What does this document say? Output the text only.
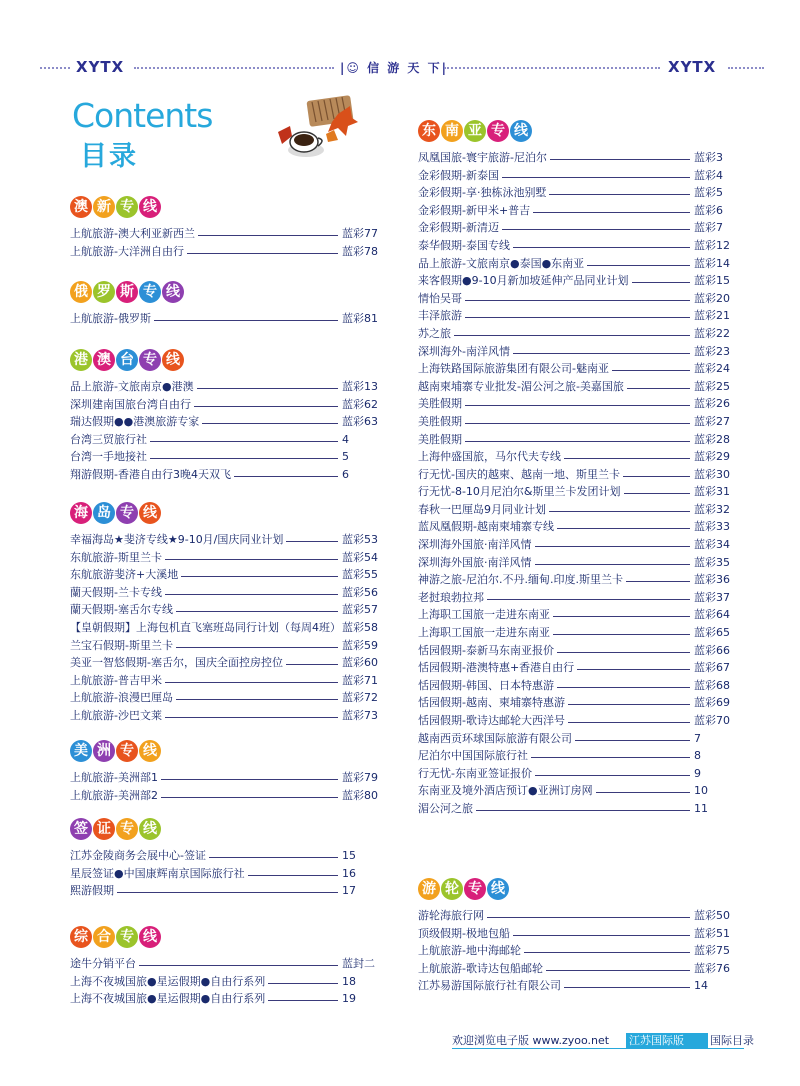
XYTX	|☺ 信 游 天 下|	XYTX
Contents
目录
澳 新 专 线
上航旅游-澳大利亚新西兰	蓝彩77
上航旅游-大洋洲自由行	蓝彩78
俄 罗 斯 专 线
上航旅游-俄罗斯	蓝彩81
港 澳 台 专 线
品上旅游-文旅南京●港澳	蓝彩13
深圳建南国旅台湾自由行	蓝彩62
瑞达假期●●港澳旅游专家	蓝彩63
台湾三贸旅行社	4
台湾一手地接社	5
翔游假期-香港自由行3晚4天双飞	6
海 岛 专 线
幸福海岛★斐济专线★9-10月/国庆同业计划	蓝彩53
东航旅游-斯里兰卡	蓝彩54
东航旅游斐济+大溪地	蓝彩55
蘭天假期-兰卡专线	蓝彩56
蘭天假期-塞舌尔专线	蓝彩57
【皇朝假期】上海包机直飞塞班岛同行计划（每周4班） 蓝彩58
兰宝石假期-斯里兰卡	蓝彩59
美亚一智悠假期-塞舌尔，国庆全面控房控位	蓝彩60
上航旅游-普吉甲米	蓝彩71
上航旅游-浪漫巴厘岛	蓝彩72
上航旅游-沙巴文莱	蓝彩73
美 洲 专 线
上航旅游-美洲部1	蓝彩79
上航旅游-美洲部2	蓝彩80
签 证 专 线
江苏金陵商务会展中心-签证	15
星辰签证●中国康辉南京国际旅行社	16
熙游假期	17
综 合 专 线
途牛分销平台	蓝封二
上海不夜城国旅●星运假期●自由行系列	18
上海不夜城国旅●星运假期●自由行系列	19
东 南 亚 专 线
凤凰国旅-寰宇旅游-尼泊尔	蓝彩3
金彩假期-新泰国	蓝彩4
金彩假期-享·独栋泳池别墅	蓝彩5
金彩假期-新甲米+普吉	蓝彩6
金彩假期-新清迈	蓝彩7
泰华假期-泰国专线	蓝彩12
品上旅游-文旅南京●泰国●东南亚	蓝彩14
来客假期●9-10月新加坡延伸产品同业计划	蓝彩15
情怡吴哥	蓝彩20
丰泽旅游	蓝彩21
苏之旅	蓝彩22
深圳海外-南洋风情	蓝彩23
上海铁路国际旅游集团有限公司-魅南亚	蓝彩24
越南柬埔寨专业批发-湄公河之旅-美嘉国旅	蓝彩25
美胜假期	蓝彩26
美胜假期	蓝彩27
美胜假期	蓝彩28
上海仲盛国旅，马尔代夫专线	蓝彩29
行无忧-国庆的越柬、越南一地、斯里兰卡	蓝彩30
行无忧-8-10月尼泊尔&斯里兰卡发团计划	蓝彩31
春秋一巴厘岛9月同业计划	蓝彩32
蓝凤凰假期-越南柬埔寨专线	蓝彩33
深圳海外国旅·南洋风情	蓝彩34
深圳海外国旅·南洋风情	蓝彩35
神游之旅-尼泊尔.不丹.缅甸.印度.斯里兰卡	蓝彩36
老挝琅勃拉邦	蓝彩37
上海职工国旅一走进东南亚	蓝彩64
上海职工国旅一走进东南亚	蓝彩65
恬园假期-泰新马东南亚报价	蓝彩66
恬园假期-港澳特惠+香港自由行	蓝彩67
恬园假期-韩国、日本特惠游	蓝彩68
恬园假期-越南、柬埔寨特惠游	蓝彩69
恬园假期-歌诗达邮轮大西洋号	蓝彩70
越南西贡环球国际旅游有限公司	7
尼泊尔中国国际旅行社	8
行无忧-东南亚签证报价	9
东南亚及境外酒店预订●亚洲订房网	10
湄公河之旅	11
游 轮 专 线
游轮海旅行网	蓝彩50
顶级假期-极地包船	蓝彩51
上航旅游-地中海邮轮	蓝彩75
上航旅游-歌诗达包船邮轮	蓝彩76
江苏易游国际旅行社有限公司	14
欢迎浏览电子版 www.zyoo.net 江苏国际版	国际目录
